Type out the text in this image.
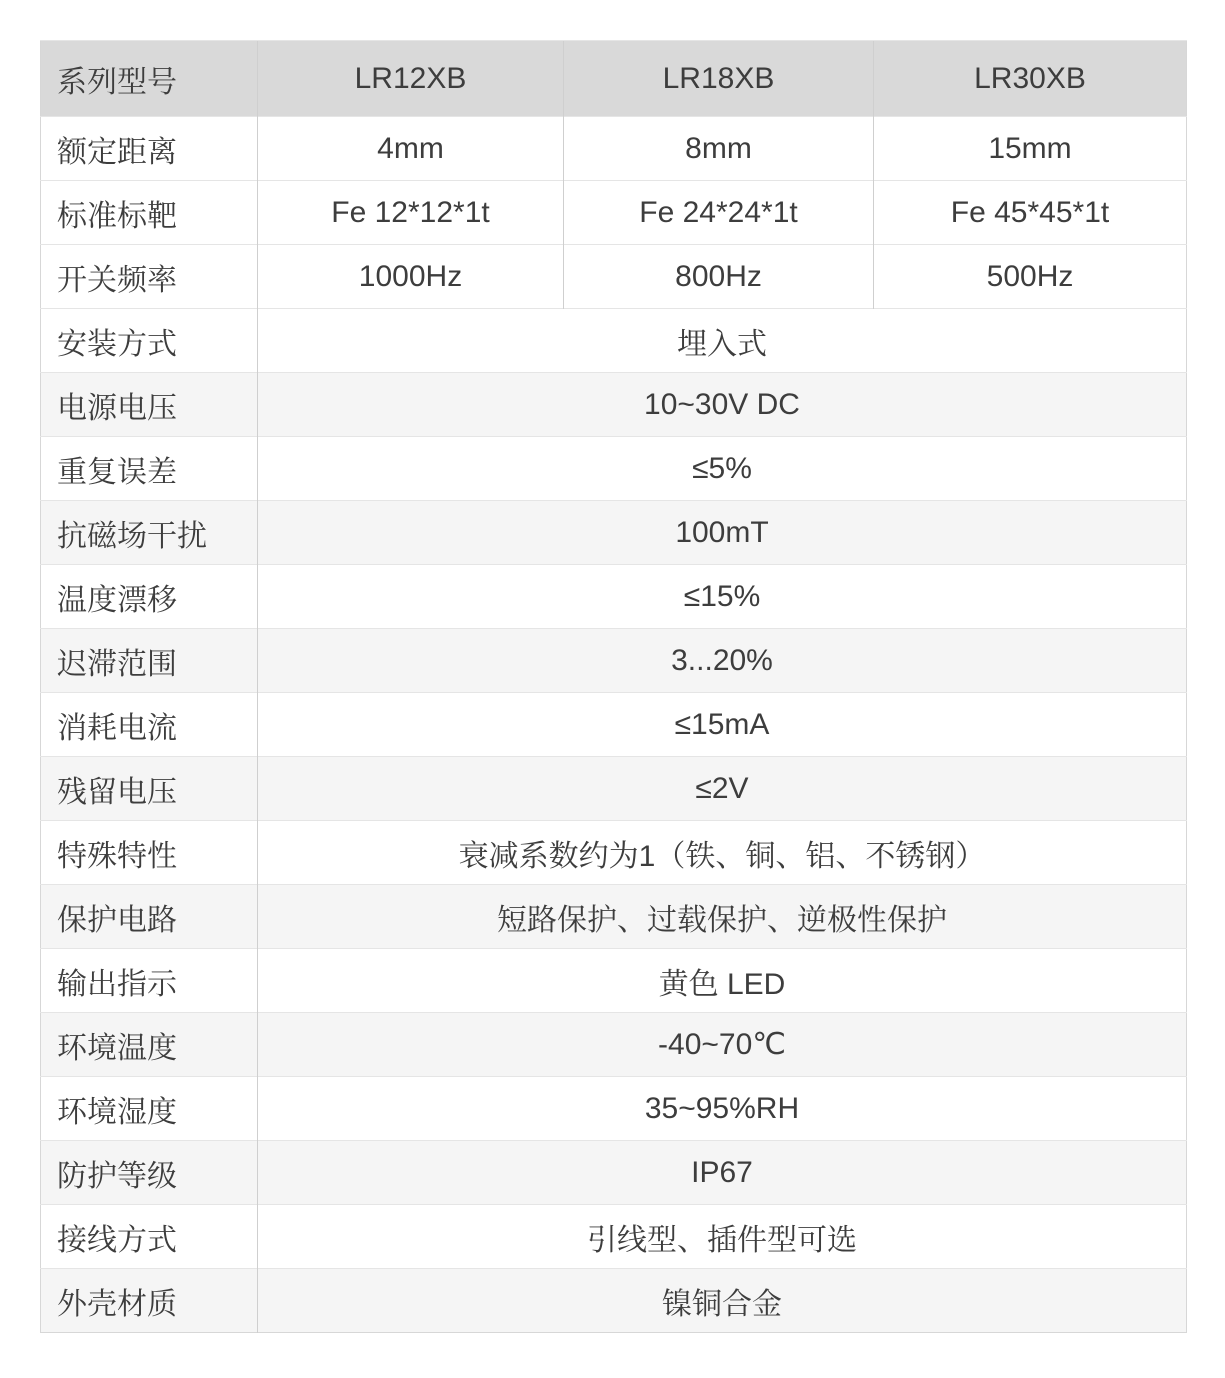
系列型号	LR12XB	LR18XB	LR30XB
额定距离	4mm	8mm	15mm
标准标靶	Fe 12*12*1t	Fe 24*24*1t	Fe 45*45*1t
开关频率	1000Hz	800Hz	500Hz
安装方式	埋入式		
电源电压	10~30V DC		
重复误差	≤5%		
抗磁场干扰	100mT		
温度漂移	≤15%		
迟滞范围	3...20%		
消耗电流	≤15mA		
残留电压	≤2V		
特殊特性	衰减系数约为1（铁、铜、铝、不锈钢）		
保护电路	短路保护、过载保护、逆极性保护		
输出指示	黄色 LED		
环境温度	-40~70℃		
环境湿度	35~95%RH		
防护等级	IP67		
接线方式	引线型、插件型可选		
外壳材质	镍铜合金		
